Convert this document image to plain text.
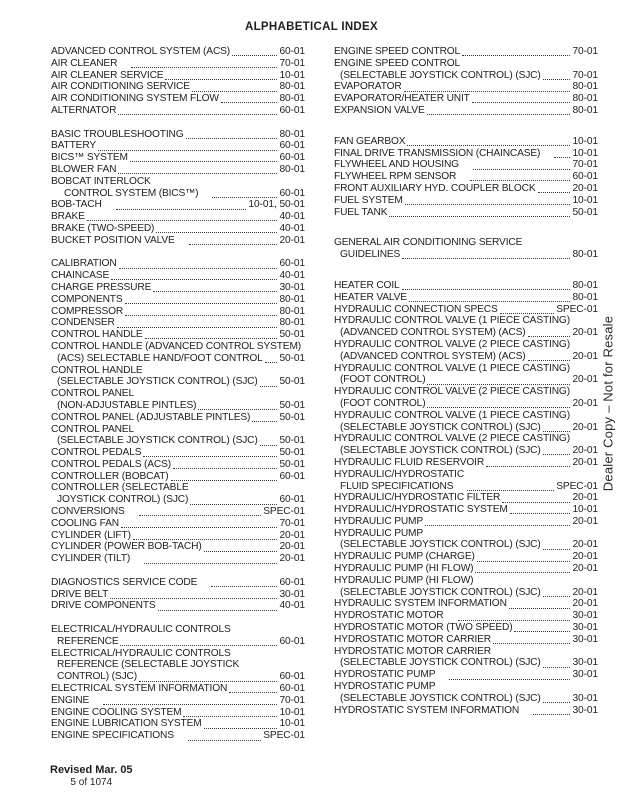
ALPHABETICAL INDEX
ADVANCED CONTROL SYSTEM (ACS)	60-01
AIR CLEANER	70-01
AIR CLEANER SERVICE	10-01
AIR CONDITIONING SERVICE	80-01
AIR CONDITIONING SYSTEM FLOW	80-01
ALTERNATOR	60-01
BASIC TROUBLESHOOTING	80-01
BATTERY	60-01
BICS™ SYSTEM	60-01
BLOWER FAN	80-01
BOBCAT INTERLOCK
CONTROL SYSTEM (BICS™)	60-01
BOB-TACH	10-01, 50-01
BRAKE	40-01
BRAKE (TWO-SPEED)	40-01
BUCKET POSITION VALVE	20-01
CALIBRATION	60-01
CHAINCASE	40-01
CHARGE PRESSURE	30-01
COMPONENTS	80-01
COMPRESSOR	80-01
CONDENSER	80-01
CONTROL HANDLE	50-01
CONTROL HANDLE (ADVANCED CONTROL SYSTEM)
(ACS) SELECTABLE HAND/FOOT CONTROL 50-01
CONTROL HANDLE
(SELECTABLE JOYSTICK CONTROL) (SJC) 50-01
CONTROL PANEL
(NON-ADJUSTABLE PINTLES)	50-01
CONTROL PANEL (ADJUSTABLE PINTLES)	50-01
CONTROL PANEL
(SELECTABLE JOYSTICK CONTROL) (SJC) 50-01
CONTROL PEDALS	50-01
CONTROL PEDALS (ACS)	50-01
CONTROLLER (BOBCAT)	60-01
CONTROLLER (SELECTABLE
JOYSTICK CONTROL) (SJC)	60-01
CONVERSIONS	SPEC-01
COOLING FAN	70-01
CYLINDER (LIFT)	20-01
CYLINDER (POWER BOB-TACH)	20-01
CYLINDER (TILT)	20-01
DIAGNOSTICS SERVICE CODE	60-01
DRIVE BELT	30-01
DRIVE COMPONENTS	40-01
ELECTRICAL/HYDRAULIC CONTROLS
REFERENCE	60-01
ELECTRICAL/HYDRAULIC CONTROLS
REFERENCE (SELECTABLE JOYSTICK
CONTROL) (SJC)	60-01
ELECTRICAL SYSTEM INFORMATION	60-01
ENGINE	70-01
ENGINE COOLING SYSTEM	10-01
ENGINE LUBRICATION SYSTEM	10-01
ENGINE SPECIFICATIONS	SPEC-01
ENGINE SPEED CONTROL	70-01
ENGINE SPEED CONTROL
(SELECTABLE JOYSTICK CONTROL) (SJC)	70-01
EVAPORATOR	80-01
EVAPORATOR/HEATER UNIT	80-01
EXPANSION VALVE	80-01
FAN GEARBOX	10-01
FINAL DRIVE TRANSMISSION (CHAINCASE)	10-01
FLYWHEEL AND HOUSING	70-01
FLYWHEEL RPM SENSOR	60-01
FRONT AUXILIARY HYD. COUPLER BLOCK	20-01
FUEL SYSTEM	10-01
FUEL TANK	50-01
GENERAL AIR CONDITIONING SERVICE
GUIDELINES	80-01
HEATER COIL	80-01
HEATER VALVE	80-01
HYDRAULIC CONNECTION SPECS	SPEC-01
HYDRAULIC CONTROL VALVE (1 PIECE CASTING)
(ADVANCED CONTROL SYSTEM) (ACS)	20-01
HYDRAULIC CONTROL VALVE (2 PIECE CASTING)
(ADVANCED CONTROL SYSTEM) (ACS)	20-01
HYDRAULIC CONTROL VALVE (1 PIECE CASTING)
(FOOT CONTROL)	20-01
HYDRAULIC CONTROL VALVE (2 PIECE CASTING)
(FOOT CONTROL)	20-01
HYDRAULIC CONTROL VALVE (1 PIECE CASTING)
(SELECTABLE JOYSTICK CONTROL) (SJC)	20-01
HYDRAULIC CONTROL VALVE (2 PIECE CASTING)
(SELECTABLE JOYSTICK CONTROL) (SJC)	20-01
HYDRAULIC FLUID RESERVOIR	20-01
HYDRAULIC/HYDROSTATIC
FLUID SPECIFICATIONS	SPEC-01
HYDRAULIC/HYDROSTATIC FILTER	20-01
HYDRAULIC/HYDROSTATIC SYSTEM	10-01
HYDRAULIC PUMP	20-01
HYDRAULIC PUMP
(SELECTABLE JOYSTICK CONTROL) (SJC)	20-01
HYDRAULIC PUMP (CHARGE)	20-01
HYDRAULIC PUMP (HI FLOW)	20-01
HYDRAULIC PUMP (HI FLOW)
(SELECTABLE JOYSTICK CONTROL) (SJC)	20-01
HYDRAULIC SYSTEM INFORMATION	20-01
HYDROSTATIC MOTOR	30-01
HYDROSTATIC MOTOR (TWO SPEED)	30-01
HYDROSTATIC MOTOR CARRIER	30-01
HYDROSTATIC MOTOR CARRIER
(SELECTABLE JOYSTICK CONTROL) (SJC)	30-01
HYDROSTATIC PUMP	30-01
HYDROSTATIC PUMP
(SELECTABLE JOYSTICK CONTROL) (SJC)	30-01
HYDROSTATIC SYSTEM INFORMATION	30-01
Dealer Copy – Not for Resale
Revised Mar. 05
5 of 1074
